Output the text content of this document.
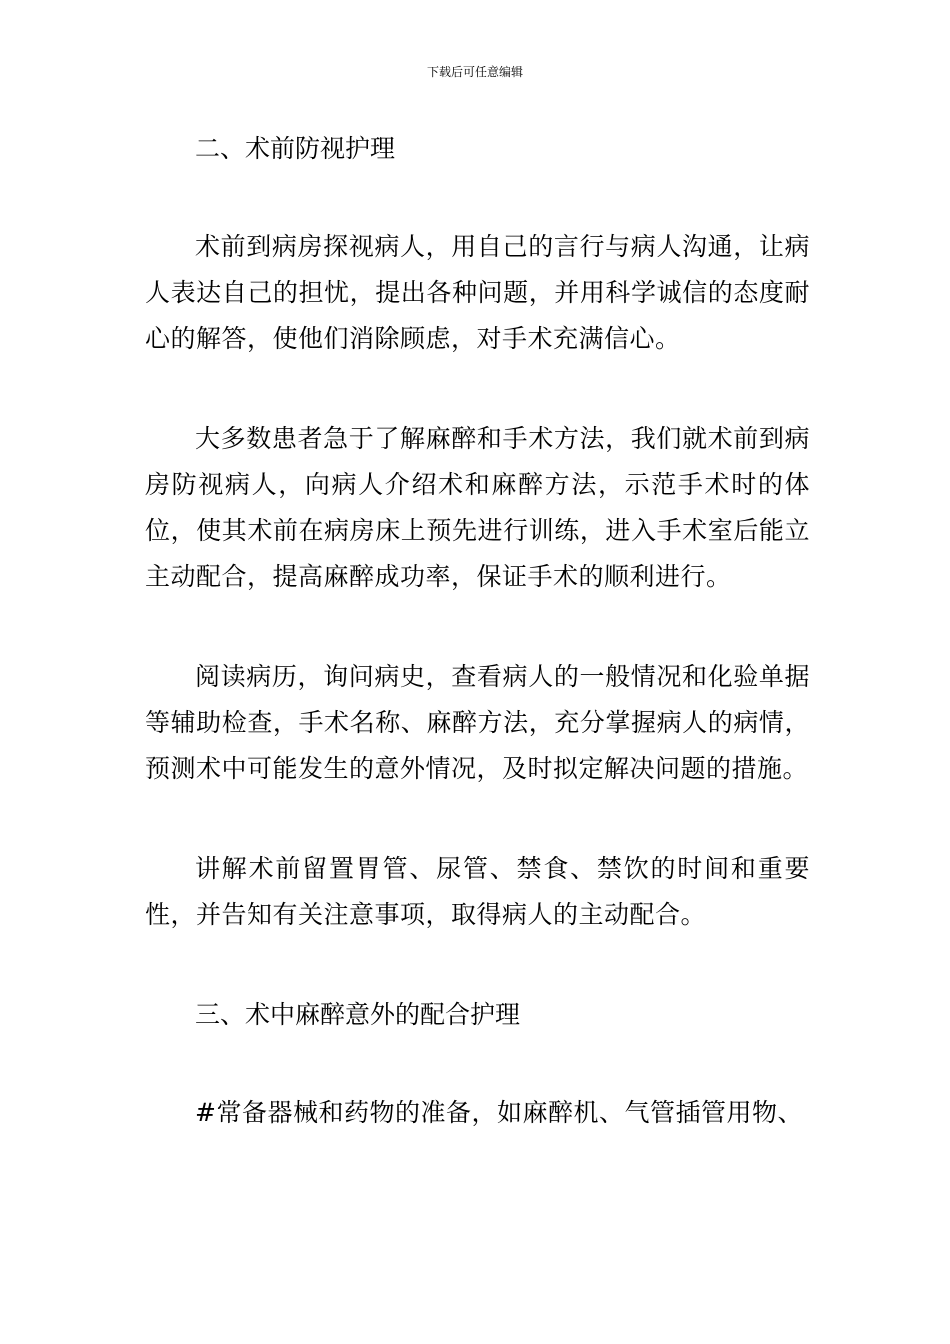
下载后可任意编辑

二、术前防视护理

术前到病房探视病人，用自己的言行与病人沟通，让病人表达自己的担忧，提出各种问题，并用科学诚信的态度耐心的解答，使他们消除顾虑，对手术充满信心。

大多数患者急于了解麻醉和手术方法，我们就术前到病房防视病人，向病人介绍术和麻醉方法，示范手术时的体位，使其术前在病房床上预先进行训练，进入手术室后能立主动配合，提高麻醉成功率，保证手术的顺利进行。

阅读病历，询问病史，查看病人的一般情况和化验单据等辅助检查，手术名称、麻醉方法，充分掌握病人的病情，预测术中可能发生的意外情况，及时拟定解决问题的措施。

讲解术前留置胃管、尿管、禁食、禁饮的时间和重要性，并告知有关注意事项，取得病人的主动配合。

三、术中麻醉意外的配合护理

#常备器械和药物的准备，如麻醉机、气管插管用物、
